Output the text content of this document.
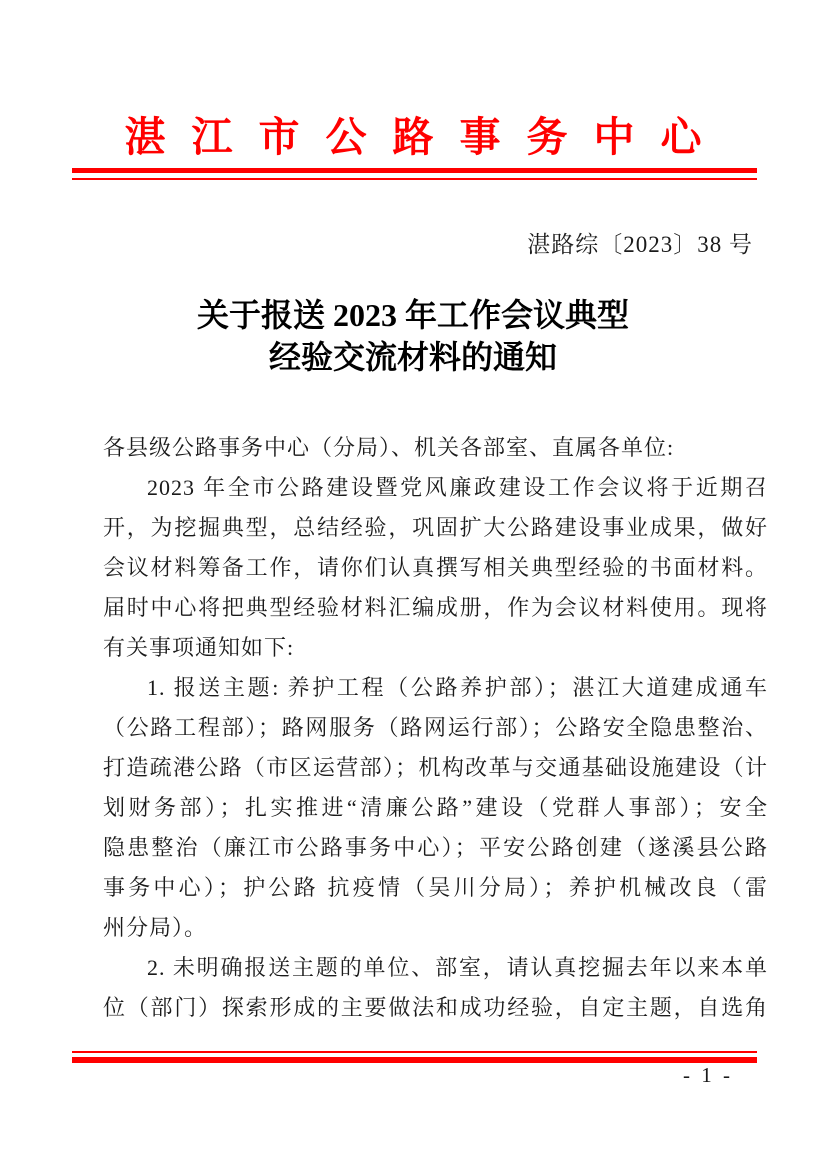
湛江市公路事务中心
湛路综〔2023〕38 号
关于报送 2023 年工作会议典型
经验交流材料的通知
各县级公路事务中心（分局）、机关各部室、直属各单位:
2023 年全市公路建设暨党风廉政建设工作会议将于近期召
开，为挖掘典型，总结经验，巩固扩大公路建设事业成果，做好
会议材料筹备工作，请你们认真撰写相关典型经验的书面材料。
届时中心将把典型经验材料汇编成册，作为会议材料使用。现将
有关事项通知如下:
1. 报送主题: 养护工程（公路养护部）；湛江大道建成通车
（公路工程部）；路网服务（路网运行部）；公路安全隐患整治、
打造疏港公路（市区运营部）；机构改革与交通基础设施建设（计
划财务部）；扎实推进“清廉公路”建设（党群人事部）；安全
隐患整治（廉江市公路事务中心）；平安公路创建（遂溪县公路
事务中心）；护公路 抗疫情（吴川分局）；养护机械改良（雷
州分局）。
2. 未明确报送主题的单位、部室，请认真挖掘去年以来本单
位（部门）探索形成的主要做法和成功经验，自定主题，自选角
- 1 -
